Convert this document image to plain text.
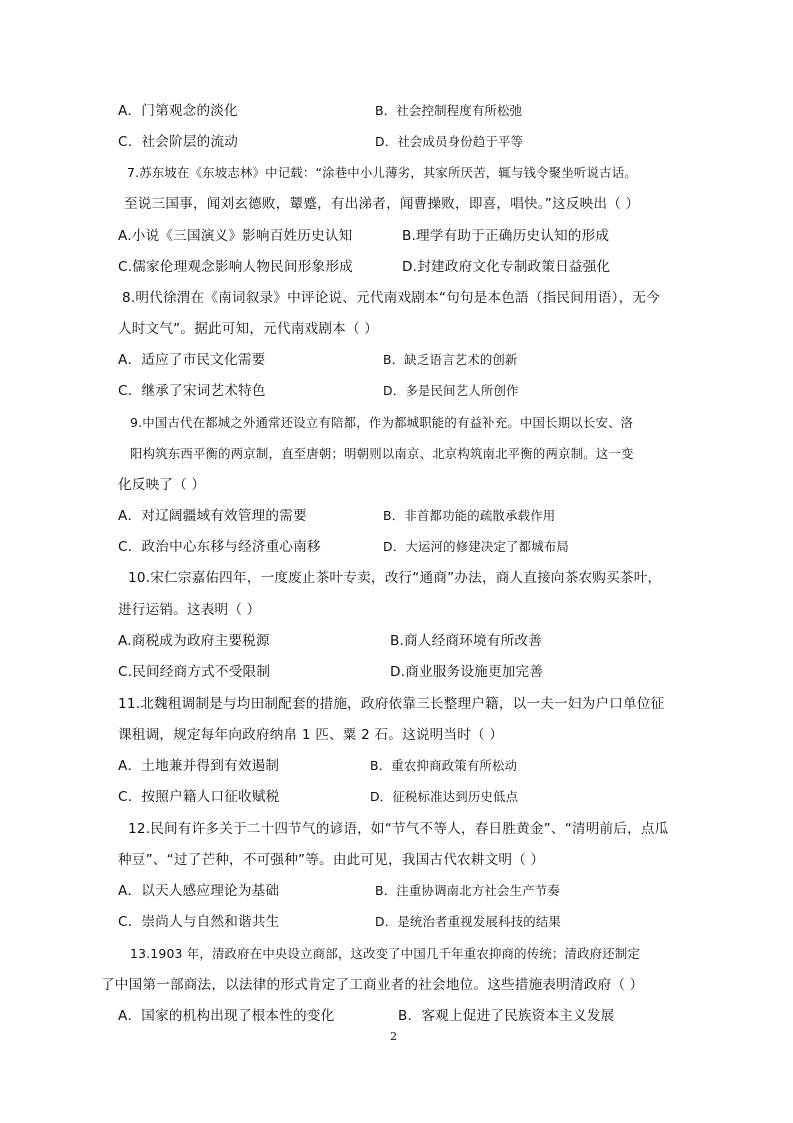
A．门第观念的淡化	B．社会控制程度有所松弛
C．社会阶层的流动	D．社会成员身份趋于平等
7.苏东坡在《东坡志林》中记载：“涂巷中小儿薄劣，其家所厌苦，辄与钱令聚坐听说古话。
至说三国事，闻刘玄德败，颦蹙，有出涕者，闻曹操败，即喜，唱快。”这反映出（ ）
A.小说《三国演义》影响百姓历史认知	B.理学有助于正确历史认知的形成
C.儒家伦理观念影响人物民间形象形成	D.封建政府文化专制政策日益强化
8.明代徐渭在《南词叙录》中评论说、元代南戏剧本“句句是本色語（指民间用语），无今
人时文气”。据此可知，元代南戏剧本（ ）
A．适应了市民文化需要	B．缺乏语言艺术的创新
C．继承了宋词艺术特色	D．多是民间艺人所创作
9.中国古代在都城之外通常还设立有陪都，作为都城职能的有益补充。中国长期以长安、洛
阳构筑东西平衡的两京制，直至唐朝；明朝则以南京、北京构筑南北平衡的两京制。这一变
化反映了（ ）
A．对辽阔疆域有效管理的需要	B．非首都功能的疏散承载作用
C．政治中心东移与经济重心南移	D．大运河的修建决定了都城布局
10.宋仁宗嘉佑四年，一度废止茶叶专卖，改行“通商”办法，商人直接向茶农购买茶叶，
进行运销。这表明（ ）
A.商税成为政府主要税源	B.商人经商环境有所改善
C.民间经商方式不受限制	D.商业服务设施更加完善
11.北魏租调制是与均田制配套的措施，政府依靠三长整理户籍，以一夫一妇为户口单位征
课租调，规定每年向政府纳帛 1 匹、粟 2 石。这说明当时（ ）
A．土地兼并得到有效遏制	B．重农抑商政策有所松动
C．按照户籍人口征收赋税	D．征税标准达到历史低点
12.民间有许多关于二十四节气的谚语，如“节气不等人，春日胜黄金”、“清明前后，点瓜
种豆”、“过了芒种，不可强种”等。由此可见，我国古代农耕文明（ ）
A．以天人感应理论为基础	B．注重协调南北方社会生产节奏
C．崇尚人与自然和谐共生	D．是统治者重视发展科技的结果
13.1903 年，清政府在中央设立商部，这改变了中国几千年重农抑商的传统；清政府还制定
了中国第一部商法，以法律的形式肯定了工商业者的社会地位。这些措施表明清政府（ ）
A．国家的机构出现了根本性的变化	B．客观上促进了民族资本主义发展
2
